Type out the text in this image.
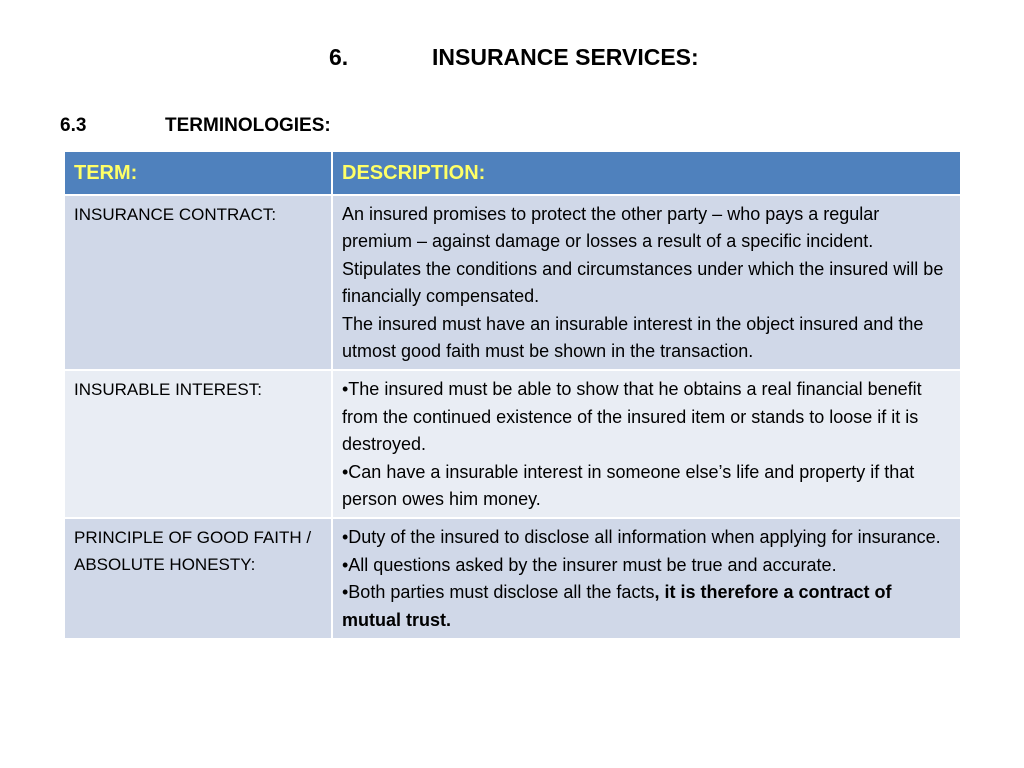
6.	INSURANCE SERVICES:
6.3	TERMINOLOGIES:
TERM:	DESCRIPTION:
INSURANCE CONTRACT:	An insured promises to protect the other party – who pays a regular premium – against damage or losses a result of a specific incident.
Stipulates the conditions and circumstances under which the insured will be financially compensated.
The insured must have an insurable interest in the object insured and the utmost good faith must be shown in the transaction.

INSURABLE INTEREST:	•The insured must be able to show that he obtains a real financial benefit from the continued existence of the insured item or stands to loose if it is destroyed.
•Can have a insurable interest in someone else’s life and property if that person owes him money.

PRINCIPLE OF GOOD FAITH / ABSOLUTE HONESTY:	•Duty of the insured to disclose all information when applying for insurance.
•All questions asked by the insurer must be true and accurate.
•Both parties must disclose all the facts, it is therefore a contract of mutual trust.
